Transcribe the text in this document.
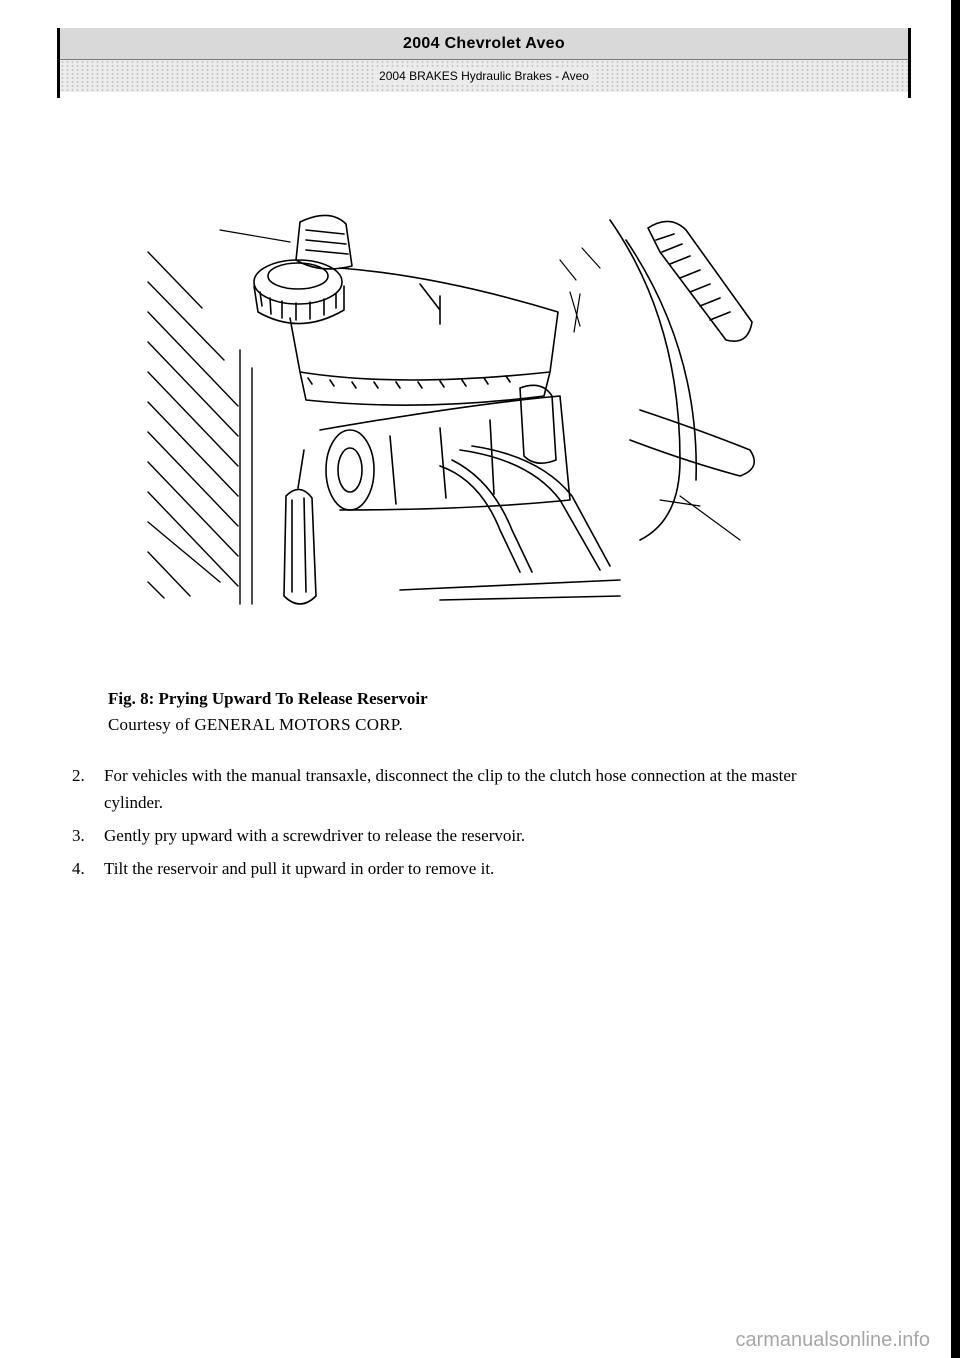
2004 Chevrolet Aveo
2004 BRAKES Hydraulic Brakes - Aveo
Fig. 8: Prying Upward To Release Reservoir
Courtesy of GENERAL MOTORS CORP.
2.	For vehicles with the manual transaxle, disconnect the clip to the clutch hose connection at the master cylinder.
3.	Gently pry upward with a screwdriver to release the reservoir.
4.	Tilt the reservoir and pull it upward in order to remove it.
carmanualsonline.info
